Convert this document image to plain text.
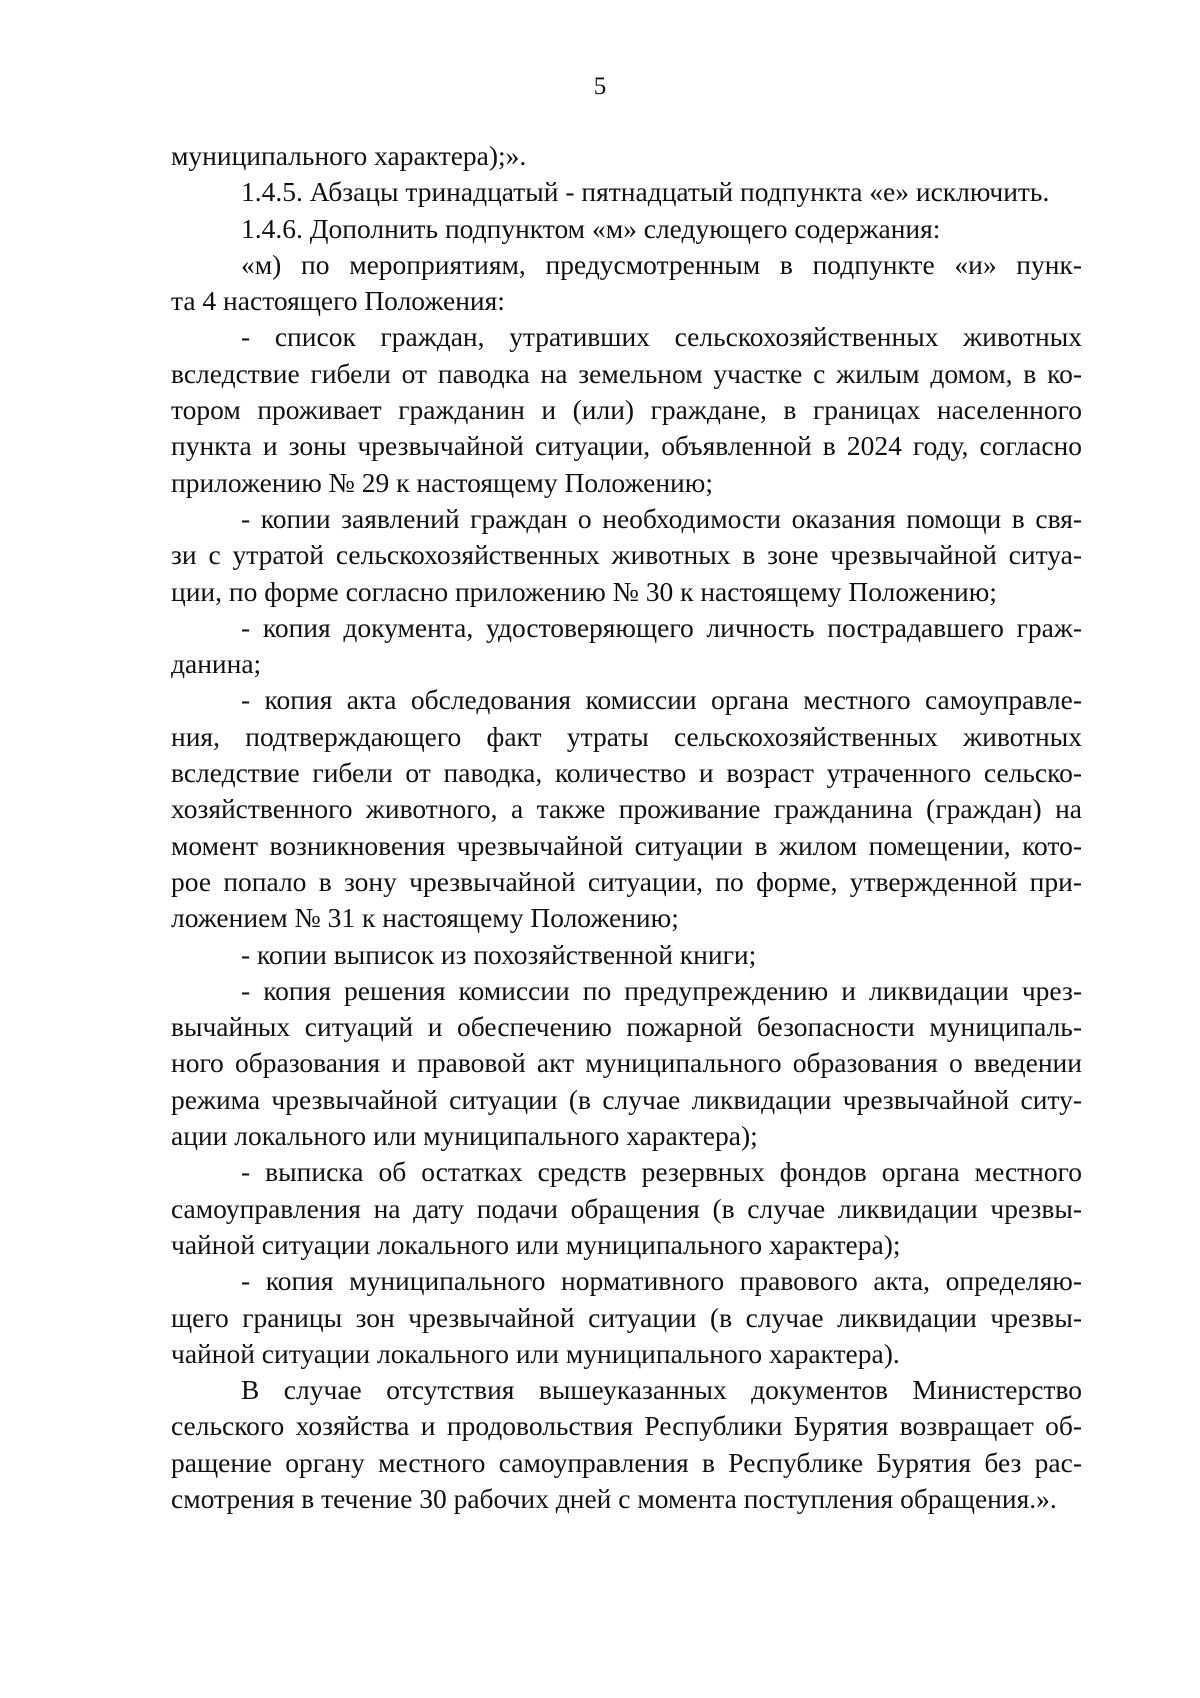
5
муниципального характера);».
1.4.5. Абзацы тринадцатый - пятнадцатый подпункта «е» исключить.
1.4.6. Дополнить подпунктом «м» следующего содержания:
«м) по мероприятиям, предусмотренным в подпункте «и» пунк-
та 4 настоящего Положения:
- список граждан, утративших сельскохозяйственных животных
вследствие гибели от паводка на земельном участке с жилым домом, в ко-
тором проживает гражданин и (или) граждане, в границах населенного
пункта и зоны чрезвычайной ситуации, объявленной в 2024 году, согласно
приложению № 29 к настоящему Положению;
- копии заявлений граждан о необходимости оказания помощи в свя-
зи с утратой сельскохозяйственных животных в зоне чрезвычайной ситуа-
ции, по форме согласно приложению № 30 к настоящему Положению;
- копия документа, удостоверяющего личность пострадавшего граж-
данина;
- копия акта обследования комиссии органа местного самоуправле-
ния, подтверждающего факт утраты сельскохозяйственных животных
вследствие гибели от паводка, количество и возраст утраченного сельско-
хозяйственного животного, а также проживание гражданина (граждан) на
момент возникновения чрезвычайной ситуации в жилом помещении, кото-
рое попало в зону чрезвычайной ситуации, по форме, утвержденной при-
ложением № 31 к настоящему Положению;
- копии выписок из похозяйственной книги;
- копия решения комиссии по предупреждению и ликвидации чрез-
вычайных ситуаций и обеспечению пожарной безопасности муниципаль-
ного образования и правовой акт муниципального образования о введении
режима чрезвычайной ситуации (в случае ликвидации чрезвычайной ситу-
ации локального или муниципального характера);
- выписка об остатках средств резервных фондов органа местного
самоуправления на дату подачи обращения (в случае ликвидации чрезвы-
чайной ситуации локального или муниципального характера);
- копия муниципального нормативного правового акта, определяю-
щего границы зон чрезвычайной ситуации (в случае ликвидации чрезвы-
чайной ситуации локального или муниципального характера).
В случае отсутствия вышеуказанных документов Министерство
сельского хозяйства и продовольствия Республики Бурятия возвращает об-
ращение органу местного самоуправления в Республике Бурятия без рас-
смотрения в течение 30 рабочих дней с момента поступления обращения.».
